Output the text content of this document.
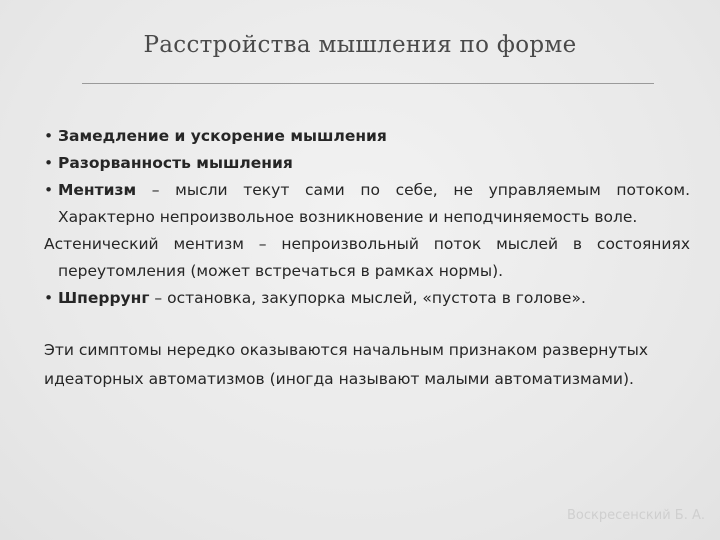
Расстройства мышления по форме
• Замедление и ускорение мышления
• Разорванность мышления
• Ментизм – мысли текут сами по себе, не управляемым потоком. Характерно непроизвольное возникновение и неподчиняемость воле.
Астенический ментизм – непроизвольный поток мыслей в состояниях переутомления (может встречаться в рамках нормы).
• Шперрунг – остановка, закупорка мыслей, «пустота в голове».
Эти симптомы нередко оказываются начальным признаком развернутых идеаторных автоматизмов (иногда называют малыми автоматизмами).
Воскресенский Б. А.
